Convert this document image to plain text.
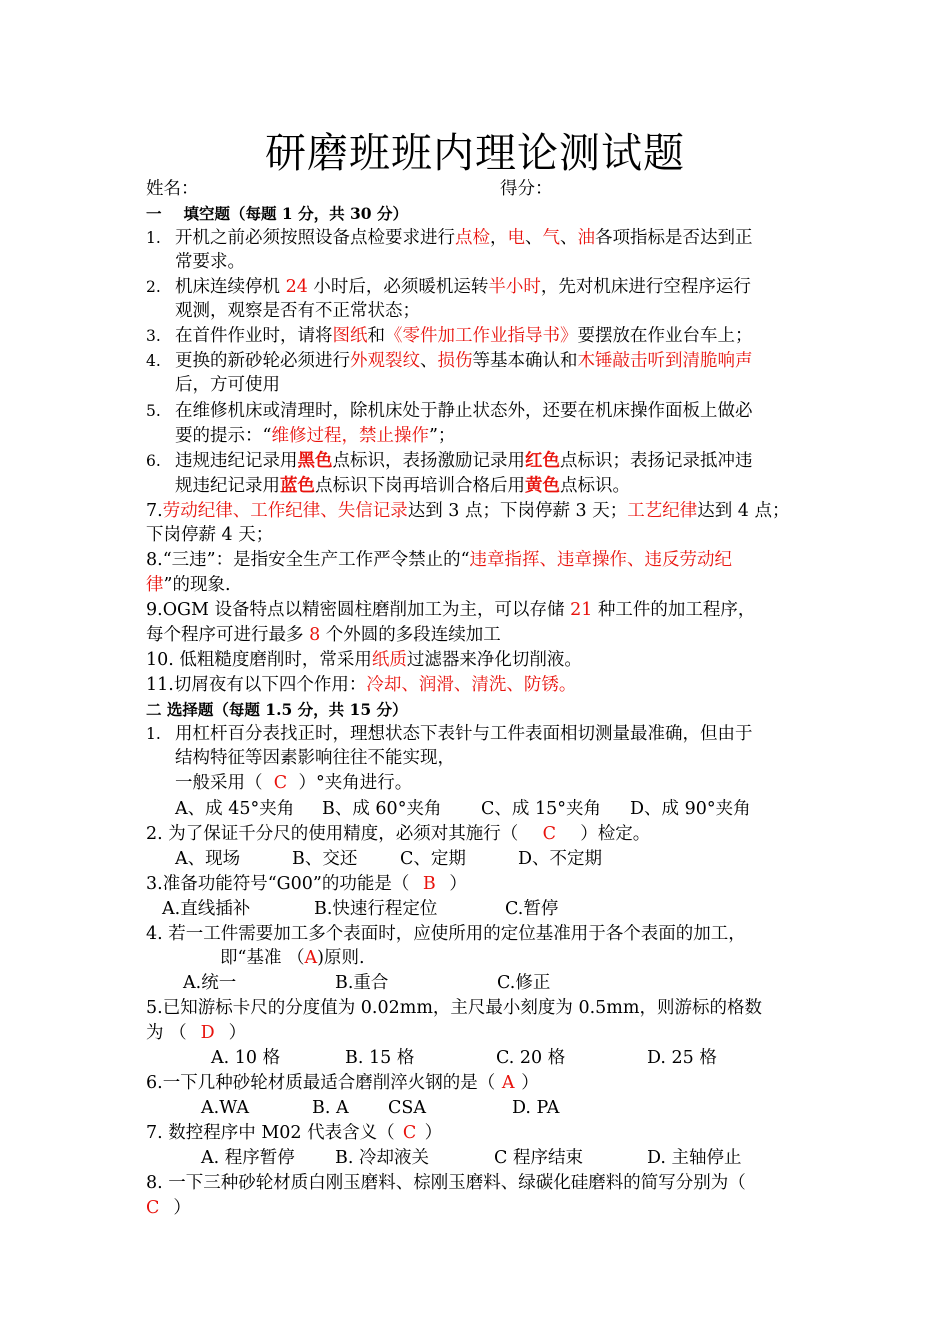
研磨班班内理论测试题
姓名：	得分：
一 填空题（每题 1 分，共 30 分）
1. 开机之前必须按照设备点检要求进行点检，电、气、油各项指标是否达到正
常要求。
2. 机床连续停机 24 小时后，必须暖机运转半小时，先对机床进行空程序运行
观测，观察是否有不正常状态；
3. 在首件作业时，请将图纸和《零件加工作业指导书》要摆放在作业台车上；
4. 更换的新砂轮必须进行外观裂纹、损伤等基本确认和木锤敲击听到清脆响声
后，方可使用
5. 在维修机床或清理时，除机床处于静止状态外，还要在机床操作面板上做必
要的提示：“维修过程，禁止操作”；
6. 违规违纪记录用黑色点标识，表扬激励记录用红色点标识；表扬记录抵冲违
规违纪记录用蓝色点标识下岗再培训合格后用黄色点标识。
7.劳动纪律、工作纪律、失信记录达到 3 点；下岗停薪 3 天；工艺纪律达到 4 点；
下岗停薪 4 天；
8.“三违”：是指安全生产工作严令禁止的“违章指挥、违章操作、违反劳动纪
律”的现象.
9.OGM 设备特点以精密圆柱磨削加工为主，可以存储 21 种工件的加工程序，
每个程序可进行最多 8 个外圆的多段连续加工
10. 低粗糙度磨削时，常采用纸质过滤器来净化切削液。
11.切屑夜有以下四个作用：冷却、润滑、清洗、防锈。
二 选择题（每题 1.5 分，共 15 分）
1. 用杠杆百分表找正时，理想状态下表针与工件表面相切测量最准确，但由于
结构特征等因素影响往往不能实现，
一般采用（ C ）°夹角进行。
A、成 45°夹角 B、成 60°夹角 C、成 15°夹角 D、成 90°夹角
2. 为了保证千分尺的使用精度，必须对其施行（ C ）检定。
A、现场	B、交还 C、定期	D、不定期
3.准备功能符号“G00”的功能是（ B ）
A.直线插补	B.快速行程定位	C.暂停
4. 若一工件需要加工多个表面时，应使所用的定位基准用于各个表面的加工，
即“基准 （A)原则.
A.统一	B.重合	C.修正
5.已知游标卡尺的分度值为 0.02mm，主尺最小刻度为 0.5mm，则游标的格数
为 （ D ）
A. 10 格	B. 15 格	C. 20 格	D. 25 格
6.一下几种砂轮材质最适合磨削淬火钢的是（ A ）
A.WA	B. A CSA	D. PA
7. 数控程序中 M02 代表含义（ C ）
A. 程序暂停 B. 冷却液关	C 程序结束	D. 主轴停止
8. 一下三种砂轮材质白刚玉磨料、棕刚玉磨料、绿碳化硅磨料的简写分别为（
C ）
